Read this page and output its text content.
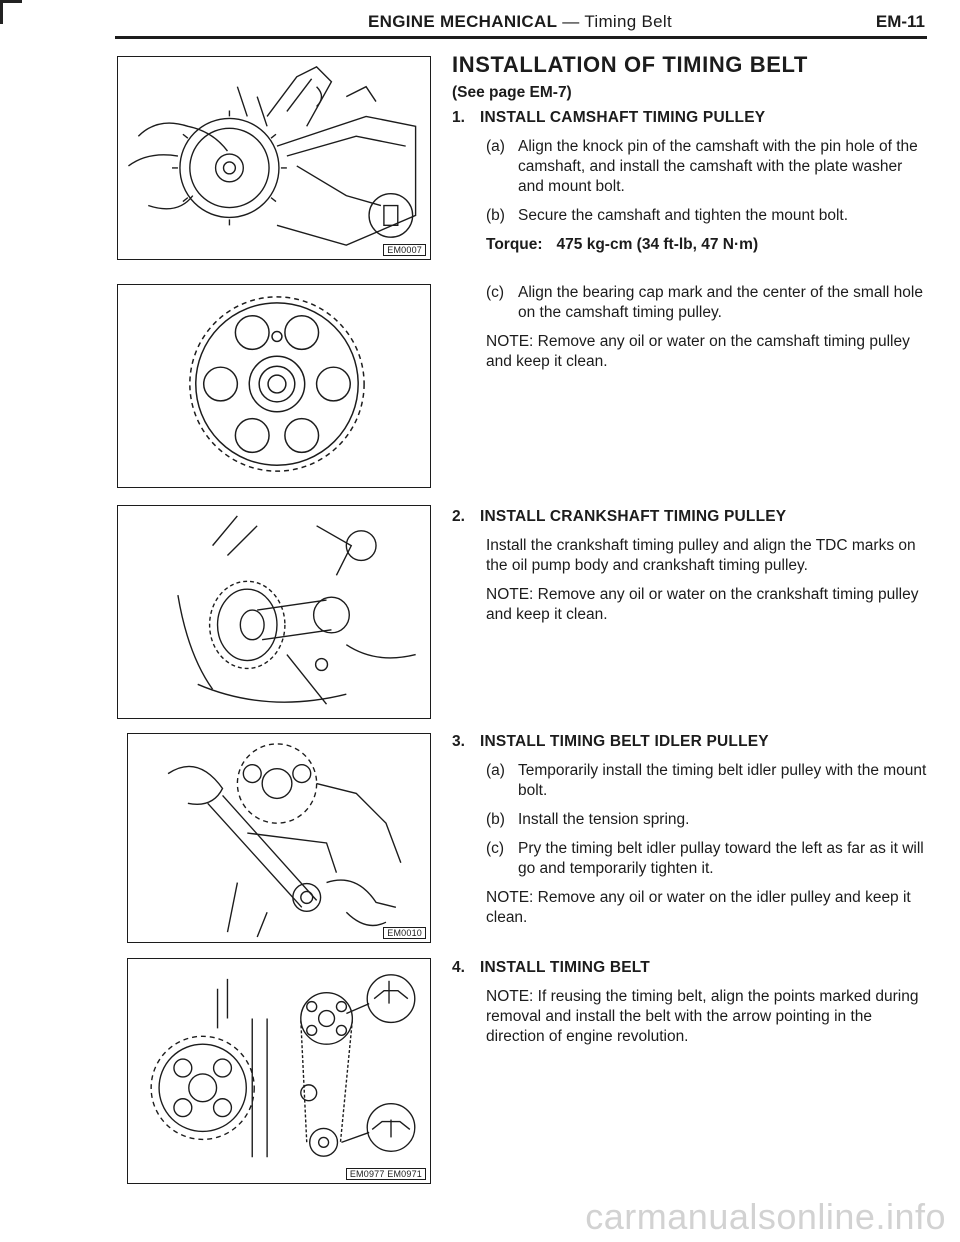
ENGINE MECHANICAL — Timing Belt	EM-11
EM0007
EM0010
EM0977 EM0971
INSTALLATION OF TIMING BELT
(See page EM-7)
1. INSTALL CAMSHAFT TIMING PULLEY
(a) Align the knock pin of the camshaft with the pin hole of the camshaft, and install the camshaft with the plate washer and mount bolt.
(b) Secure the camshaft and tighten the mount bolt.
Torque: 475 kg-cm (34 ft-lb, 47 N·m)
(c) Align the bearing cap mark and the center of the small hole on the camshaft timing pulley.
NOTE: Remove any oil or water on the camshaft timing pulley and keep it clean.
2. INSTALL CRANKSHAFT TIMING PULLEY
Install the crankshaft timing pulley and align the TDC marks on the oil pump body and crankshaft timing pulley.
NOTE: Remove any oil or water on the crankshaft timing pulley and keep it clean.
3. INSTALL TIMING BELT IDLER PULLEY
(a) Temporarily install the timing belt idler pulley with the mount bolt.
(b) Install the tension spring.
(c) Pry the timing belt idler pullay toward the left as far as it will go and temporarily tighten it.
NOTE: Remove any oil or water on the idler pulley and keep it clean.
4. INSTALL TIMING BELT
NOTE: If reusing the timing belt, align the points marked during removal and install the belt with the arrow pointing in the direction of engine revolution.
carmanualsonline.info
